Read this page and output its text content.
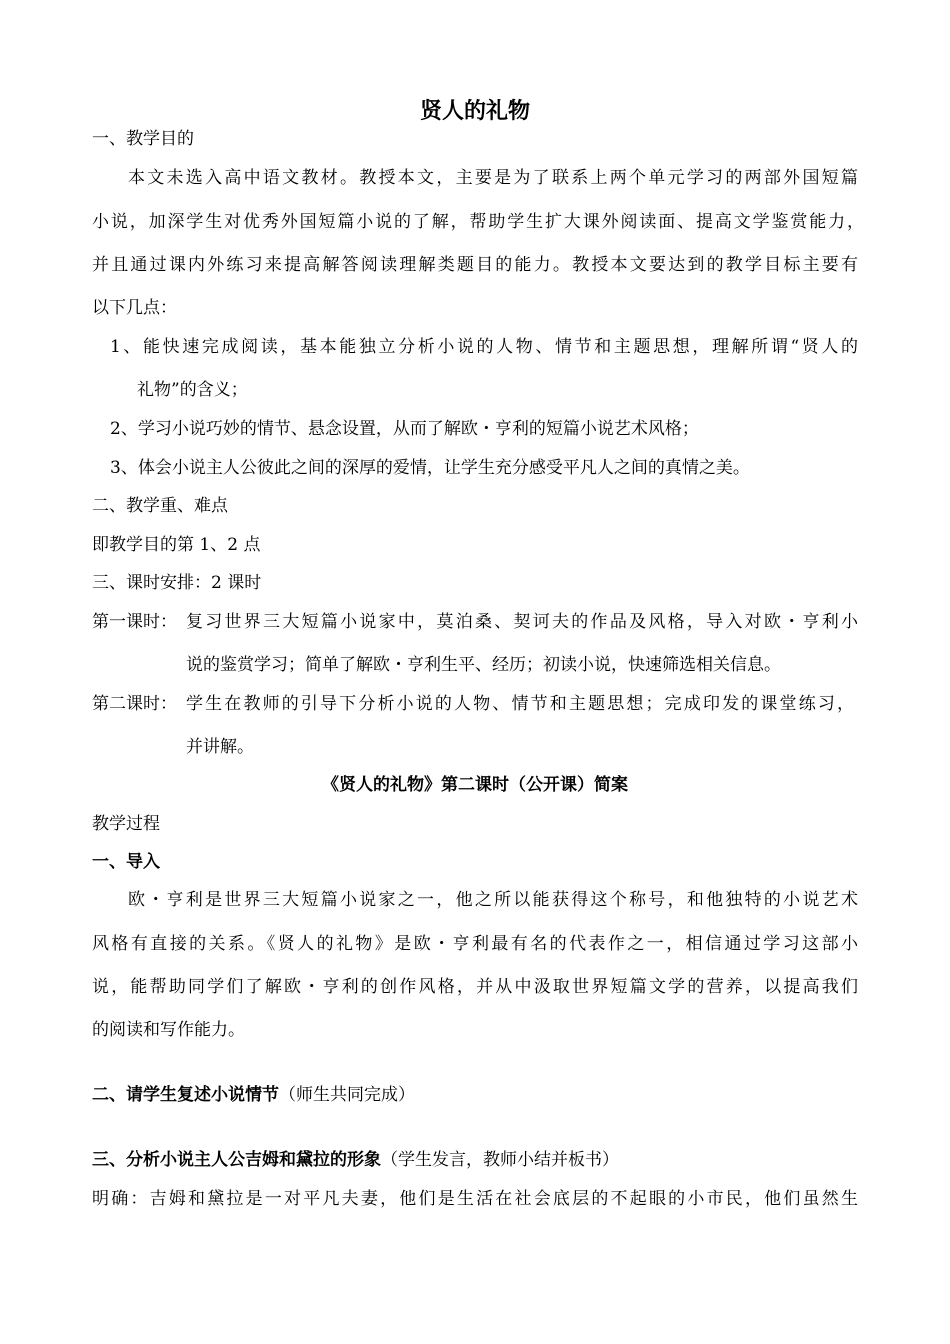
贤人的礼物
一、教学目的
本文未选入高中语文教材。教授本文，主要是为了联系上两个单元学习的两部外国短篇
小说，加深学生对优秀外国短篇小说的了解，帮助学生扩大课外阅读面、提高文学鉴赏能力，
并且通过课内外练习来提高解答阅读理解类题目的能力。教授本文要达到的教学目标主要有
以下几点：
1、能快速完成阅读，基本能独立分析小说的人物、情节和主题思想，理解所谓“贤人的
礼物”的含义；
2、学习小说巧妙的情节、悬念设置，从而了解欧・亨利的短篇小说艺术风格；
3、体会小说主人公彼此之间的深厚的爱情，让学生充分感受平凡人之间的真情之美。
二、教学重、难点
即教学目的第 1、2 点
三、课时安排：2 课时
第一课时： 复习世界三大短篇小说家中，莫泊桑、契诃夫的作品及风格，导入对欧・亨利小
说的鉴赏学习；简单了解欧・亨利生平、经历；初读小说，快速筛选相关信息。
第二课时： 学生在教师的引导下分析小说的人物、情节和主题思想；完成印发的课堂练习，
并讲解。
《贤人的礼物》第二课时（公开课）简案
教学过程
一、导入
欧・亨利是世界三大短篇小说家之一，他之所以能获得这个称号，和他独特的小说艺术
风格有直接的关系。《贤人的礼物》是欧・亨利最有名的代表作之一，相信通过学习这部小
说，能帮助同学们了解欧・亨利的创作风格，并从中汲取世界短篇文学的营养，以提高我们
的阅读和写作能力。
二、请学生复述小说情节（师生共同完成）
三、分析小说主人公吉姆和黛拉的形象（学生发言，教师小结并板书）
明确：吉姆和黛拉是一对平凡夫妻，他们是生活在社会底层的不起眼的小市民，他们虽然生
